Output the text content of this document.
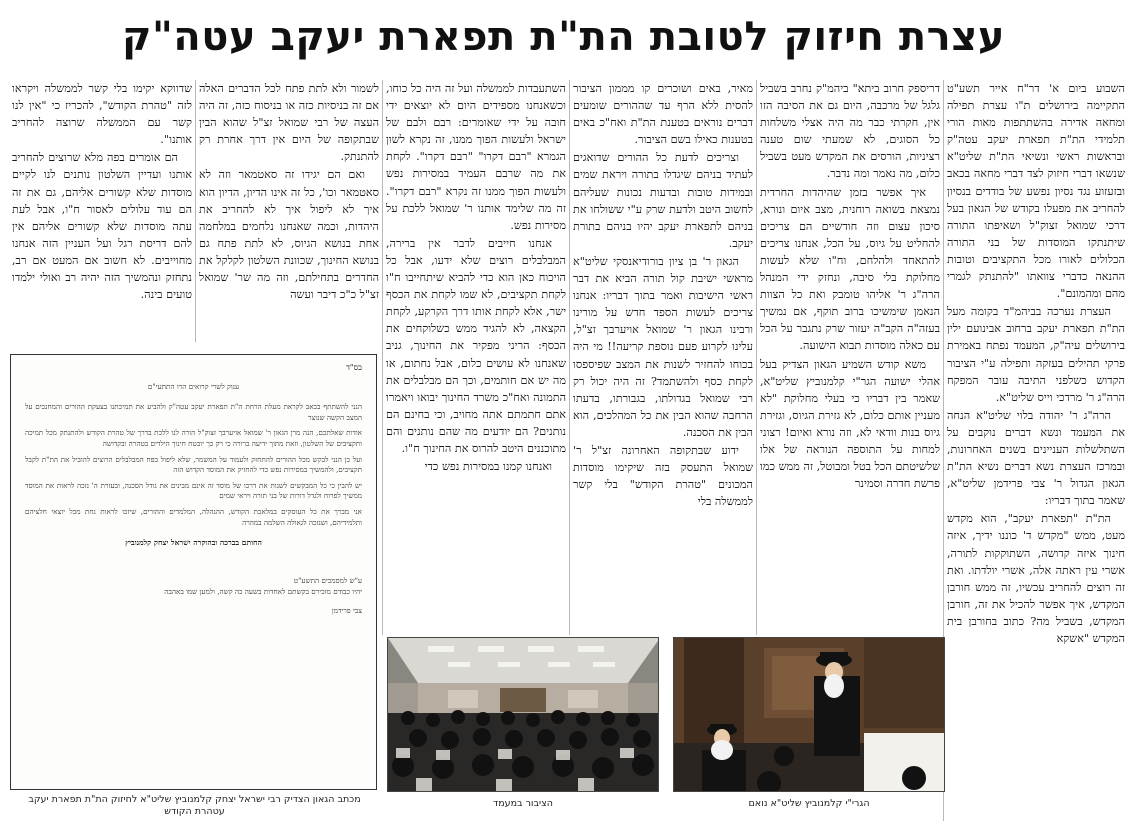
עצרת חיזוק לטובת הת"ת תפארת יעקב עטה"ק

השבוע ביום א' דר"ח אייר תשע"ט התקיימה בירושלים ת"ו עצרת תפילה ומחאה אדירה בהשתתפות מאות הורי תלמידי הת"ת תפארת יעקב עטה"ק ובראשות ראשי ונשיאי הת"ת שליט"א שנשאו דברי חיזוק לצד דברי מחאה בכאב ובזעזוע נגד נסיון נפשע של בודדים בנסיון להחריב את מפעלו בקודש של הגאון בעל דרכי שמואל זצוק"ל ושאיפתו התורה שיתנתקו המוסדות של בני התורה הכלולים לאורו מכל התקציבים וטובות ההנאה כדברי צוואתו "להתנתק לגמרי מהם ומהמונם".

העצרת נערכה בביהמ"ד בקומה מעל הת"ת תפארת יעקב ברחוב אבינועם ילין בירושלים עיה"ק, המעמד נפתח באמירת פרקי תהילים בעזקה ותפילה ע"י הציבור הקדוש כשלפני התיבה עובר המפקח הרה"ג ר' מרדכי וייס שליט"א.

הרה"ג ר' יהודה בלוי שליט"א הנחה את המעמד ונשא דברים נוקבים על השתלשלות העניינים בשנים האחרונות, ובמרכז העצרת נשא דברים נשיא הת"ת הגאון הגדול ר' צבי פרידמן שליט"א, שאמר בתוך דבריו:

הת"ת "תפארת יעקב", הוא מקדש מעט, ממש "מקדש ד' כוננו ידיך, איזה חינוך איזה קדושה, השתוקקות לתורה, אשרי עין ראתה אלה, אשרי יולדתו. ואת זה רוצים להחריב עכשיו, זה ממש חורבן המקדש, איך אפשר להכיל את זה, חורבן המקדש, בשביל מה? כתוב בחורבן בית המקדש "אשקא

דריספק חרוב ביתא" ביהמ"ק נחרב בשביל גלגל של מרכבה, היום גם את הסיבה הזו אין, חקרתי כבר מה היה אצלי משלחות כל הסוגים, לא שמעתי שום טענה רציניות, הורסים את המקדש מעט בשביל כלום, מה נאמר ומה נדבר.

איך אפשר בזמן שהיהדות החרדית נמצאת בשואה רוחנית, מצב איום ונורא, סיכון עצום וזה חודשיים הם צריכים להחליט על גיוס, על הכל, אנחנו צריכים להתאחד ולהלחם, וח"ו שלא לעשות מחלוקת בלי סיבה, ונחזק ידי המנהל הרה"ג ר' אליהו טומבק ואת כל הצוות הנאמן שימשיכו ברוב תוקף, אם נמשיך בעזה"ה הקב"ה יעזור שרק נתגבר על הכל עם כאלה מוסדות תבוא הישועה.

משא קודש השמיע הגאון הצדיק בעל אהלי ישועה הגר"י קלמנוביץ שליט"א, שאמר בין דבריו כי בעלי מחלוקת "לא מעניין אותם כלום, לא גזירת הגיוס, וגזירת גיוס בנות וודאי לא, וזה נורא ואיום! רצוני למחות על התוספה הנוראה של אלו שלשיטתם הכל בטל ומבוטל, זה ממש כמו פרשת חדרה וסמינר

מאיר, באים ושוכרים קו מממון הציבור להסית ללא הרף עד שההורים שומעים דברים נוראים בטענת הת"ת ואח"כ באים בטענות כאילו בשם הציבור.

וצריכים לדעת כל ההורים שדואגים לעתיד בניהם שיגדלו בתורה ויראת שמים ובמידות טובות ובדעות נכונות שעליהם לחשוב היטב ולדעת שרק ע"י ששולחו את בניהם לתפארת יעקב יהיו בניהם בתורת יעקב.

הגאון ר' בן ציון בורודיאנסקי שליט"א מראשי ישיבת קול תורה הביא את דבר ראשי הישיבות ואמר בתוך דבריו: אנחנו צריכים לעשות הספד חדש על מורינו ורבינו הגאון ר' שמואל אויערבך זצ"ל, עלינו לקרוע פעם נוספת קריעה!! מי היה בכוחו להחזיר לשנות את המצב שפיספסו לקחת כסף ולהשתמד? זה היה יכול רק רבי שמואל בגדולתו, בגבורתו, בדעתו הרחבה שהוא הבין את כל המהלכים, הוא הבין את הסכנה.

ידוע שבתקופה האחרונה זצ"ל ר' שמואל התעסק בזה שיקימו מוסדות המכונים "טהרת הקודש" בלי קשר לממשלה בלי

השתעבדות לממשלה ועל זה היה כל כוחו, וכשאנחנו מספידים היום לא יוצאים ידי חובה על ידי שאומרים: רבם ולבם של ישראל ולעשות הפוך ממנו, זה נקרא לשון הגמרא "רבם דקרו" "רבם דקרו". לקחת את מה שרבם העמיד במסירות נפש ולעשות הפוך ממנו זה נקרא "רבם דקרו". זה מה שלימד אותנו ר' שמואל ללכת על מסירות נפש.

אנחנו חייבים לדבר אין ברירה, המבלבלים רוצים שלא ידעו, אבל כל הויכוח כאן הוא כדי להביא שיתחייבו ח"ו לקחת תקציבים, לא שמו לקחת את הכסף ישר, אלא לקחת אותו דרך הקרקע, לקחת הקצאה, לא להגיד ממש כשלוקחים את הכסף: הריני מפקיר את החינוך, גניב שאנחנו לא עושים כלום, אבל נחתום, או מה יש אם חותמים, וכך הם מבלבלים את התמונה ואח"כ משרד החינוך יבואו ויאמרו אתם חתמתם אתה מחויב, וכי בחינם הם נותנים? הם יודעים מה שהם נותנים והם מתוכננים היטב להרוס את החינוך ח"ו.

ואנחנו קמנו במסירות נפש כדי

לשמור ולא לתת פתח לכל הדברים האלה אם זה בניסיות כזה או בניסוח כזה, זה היה העצה של רבי שמואל זצ"ל שהוא הבין שבתקופה של היום אין דרך אחרת רק להתנתק.

ואם הם יגידו זה סאטמאר וזה לא סאטמאר וכו', כל זה אינו הדיון, הדיון הוא איך לא ליפול איך לא להחריב את היהדות, וכמה שאנחנו נלחמים במלחמה אחת בנושא הגיוס, לא לתת פתח גם בנושא החינוך, שכוונת השלטון לקלקל את החדרים בתחילתם, וזה מה שר' שמואל זצ"ל כ"כ דיבר ועשה

שדווקא יקימו בלי קשר לממשלה ויקראו לזה "טהרת הקודש", להכריז כי "אין לנו קשר עם הממשלה שרוצה להחריב אותנו".

הם אומרים בפה מלא שרוצים להחריב אותנו ועדיין השלטון נותנים לנו לקיים מוסדות שלא קשורים אליהם, גם את זה הם עוד עלולים לאסור ח"ו, אבל לעת עתה מוסדות שלא קשורים אליהם אין להם דריסת רגל ועל העניין הזה אנחנו מחוייבים. לא חשוב אם המעט אם רב, נתחזק ונהמשיך הזה יהיה רב ואולי ילמדו טועים בינה.

בס"ד
ענוק לשרי קרואים הרו התתעי"ם
הנני להשתתף בכאב לקראת מעלת הרחת ה"ת תפארת יעקב עטה"ק ולהביע את תמיכתנו בצעקת ההורים והמחנכים על המצב הקשה שנוצר
אודות שאלתכם, הנה מרן הגאון ר' שמואל אויערבך זצוק"ל הורה לנו ללכת בדרך של טהרת הקודש ולהתנתק מכל תמיכה ותקציבים של השלטון, וזאת מתוך ידיעה ברורה כי רק כך יובטח חינוך הילדים בטהרה ובקדושה
ועל כן הנני לבקש מכל ההורים להתחזק ולעמוד על המשמר, שלא ליפול בפח המבלבלים הרוצים להוביל את הת"ת לקבל תקציבים, ולהמשיך במסירות נפש כדי להחזיק את המוסד הקדוש הזה
יש להבין כי כל המבקשים לשנות את דרכו של מוסד זה אינם מבינים את גודל הסכנה, ובעזרת ה' נזכה לראות את המוסד ממשיך לפרוח ולגדל דורות של בני תורה ויראי שמים
אני מברך את כל העוסקים במלאכת הקודש, ההנהלה, המלמדים וההורים, שיזכו לראות נחת מכל יוצאי חלציהם ותלמידיהם, ושנזכה לגאולה השלמה במהרה
החותם בברכה ובהוקרה ישראל יצחק קלמנוביץ
ע"ש למסמכים התשע"ט
יהיו כבודם מזכירם בקשתם לאחדות בשעה כה קשה, ולמען שמו באהבה
צבי פרידמן
מכתב הגאון הצדיק רבי ישראל יצחק קלמנוביץ שליט"א לחיזוק הת"ת תפארת יעקב עטהרת הקודש
הציבור במעמד	הגרי"י קלמנוביץ שליט"א נואם
